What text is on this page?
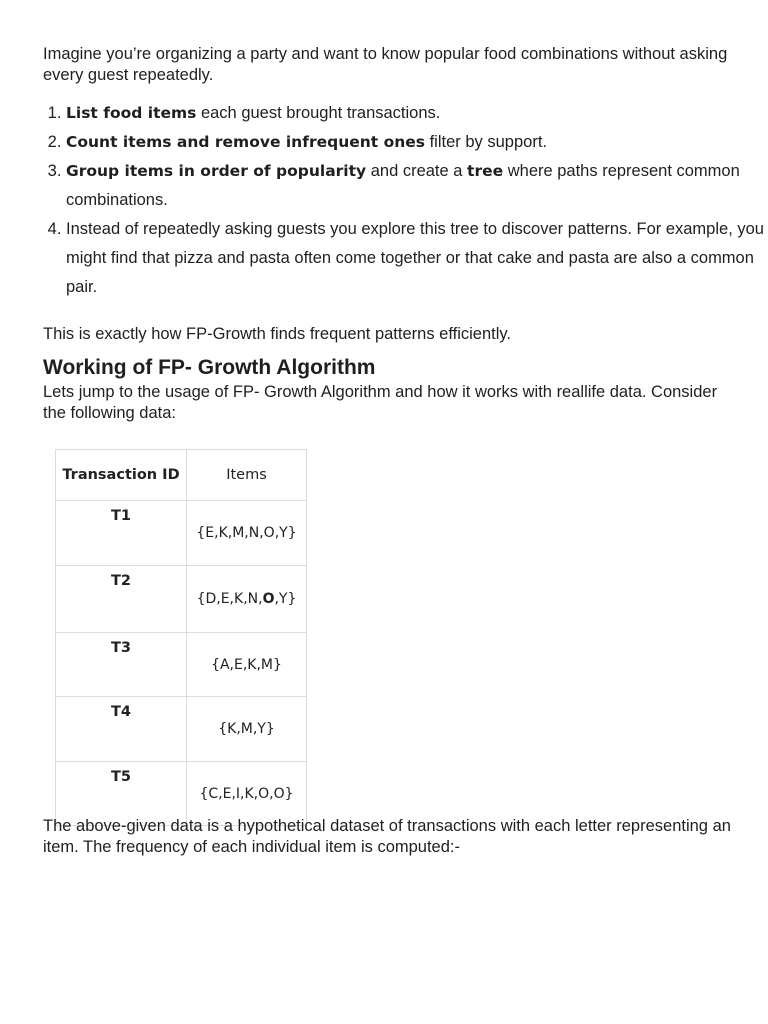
Imagine you’re organizing a party and want to know popular food combinations without asking every guest repeatedly.

1. List food items each guest brought transactions.
2. Count items and remove infrequent ones filter by support.
3. Group items in order of popularity and create a tree where paths represent common combinations.
4. Instead of repeatedly asking guests you explore this tree to discover patterns. For example, you might find that pizza and pasta often come together or that cake and pasta are also a common pair.

This is exactly how FP-Growth finds frequent patterns efficiently.

Working of FP- Growth Algorithm

Lets jump to the usage of FP- Growth Algorithm and how it works with reallife data. Consider the following data:

Transaction ID	Items
T1	{E,K,M,N,O,Y}
T2	{D,E,K,N,O,Y}
T3	{A,E,K,M}
T4	{K,M,Y}
T5	{C,E,I,K,O,O}

The above-given data is a hypothetical dataset of transactions with each letter representing an item. The frequency of each individual item is computed:-
